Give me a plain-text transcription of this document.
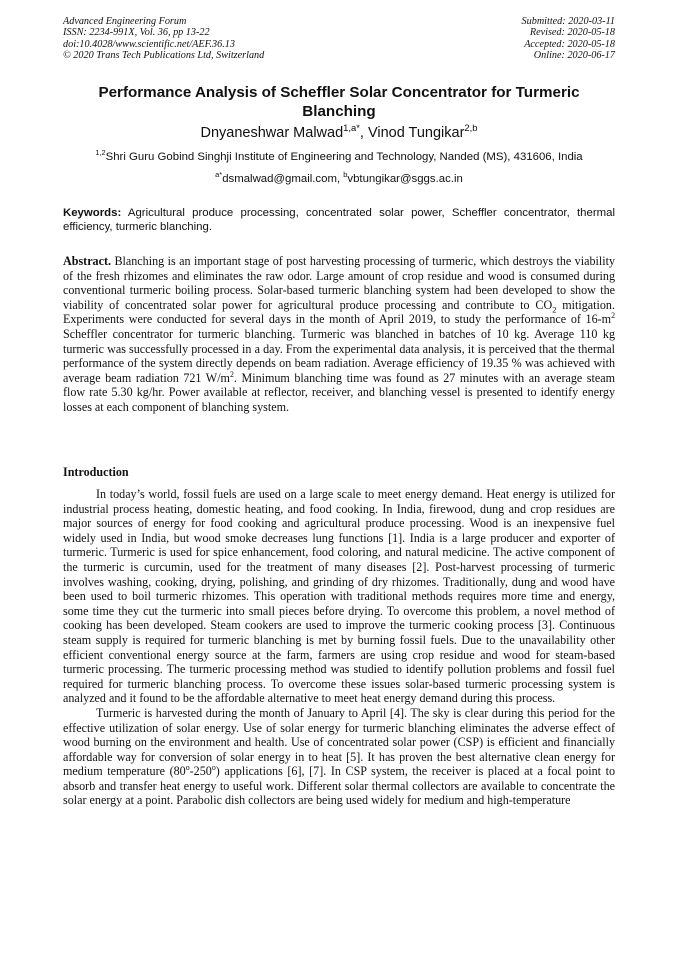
Advanced Engineering Forum
ISSN: 2234-991X, Vol. 36, pp 13-22
doi:10.4028/www.scientific.net/AEF.36.13
© 2020 Trans Tech Publications Ltd, Switzerland
Submitted: 2020-03-11
Revised: 2020-05-18
Accepted: 2020-05-18
Online: 2020-06-17
Performance Analysis of Scheffler Solar Concentrator for Turmeric Blanching
Dnyaneshwar Malwad$^{1,a*}$, Vinod Tungikar$^{2,b}$
$^{1,2}$Shri Guru Gobind Singhji Institute of Engineering and Technology, Nanded (MS), 431606, India
$^{a*}$dsmalwad@gmail.com, $^b$vbtungikar@sggs.ac.in
Keywords: Agricultural produce processing, concentrated solar power, Scheffler concentrator, thermal efficiency, turmeric blanching.
Abstract. Blanching is an important stage of post harvesting processing of turmeric, which destroys the viability of the fresh rhizomes and eliminates the raw odor. Large amount of crop residue and wood is consumed during conventional turmeric boiling process. Solar-based turmeric blanching system had been developed to show the viability of concentrated solar power for agricultural produce processing and contribute to $CO_2$ mitigation. Experiments were conducted for several days in the month of April 2019, to study the performance of $16-m^2$ Scheffler concentrator for turmeric blanching. Turmeric was blanched in batches of 10 kg. Average 110 kg turmeric was successfully processed in a day. From the experimental data analysis, it is perceived that the thermal performance of the system directly depends on beam radiation. Average efficiency of 19.35 % was achieved with average beam radiation 721 $W/m^2$. Minimum blanching time was found as 27 minutes with an average steam flow rate 5.30 kg/hr. Power available at reflector, receiver, and blanching vessel is presented to identify energy losses at each component of blanching system.
Introduction

In today’s world, fossil fuels are used on a large scale to meet energy demand. Heat energy is utilized for industrial process heating, domestic heating, and food cooking. In India, firewood, dung and crop residues are major sources of energy for food cooking and agricultural produce processing. Wood is an inexpensive fuel widely used in India, but wood smoke decreases lung functions [1]. India is a large producer and exporter of turmeric. Turmeric is used for spice enhancement, food coloring, and natural medicine. The active component of the turmeric is curcumin, used for the treatment of many diseases [2]. Post-harvest processing of turmeric involves washing, cooking, drying, polishing, and grinding of dry rhizomes. Traditionally, dung and wood have been used to boil turmeric rhizomes. This operation with traditional methods requires more time and energy, some time they cut the turmeric into small pieces before drying. To overcome this problem, a novel method of cooking has been developed. Steam cookers are used to improve the turmeric cooking process [3]. Continuous steam supply is required for turmeric blanching is met by burning fossil fuels. Due to the unavailability other efficient conventional energy source at the farm, farmers are using crop residue and wood for steam-based turmeric processing. The turmeric processing method was studied to identify pollution problems and fossil fuel required for turmeric blanching process. To overcome these issues solar-based turmeric processing system is analyzed and it found to be the affordable alternative to meet heat energy demand during this process.

Turmeric is harvested during the month of January to April [4]. The sky is clear during this period for the effective utilization of solar energy. Use of solar energy for turmeric blanching eliminates the adverse effect of wood burning on the environment and health. Use of concentrated solar power (CSP) is efficient and financially affordable way for conversion of solar energy in to heat [5]. It has proven the best alternative clean energy for medium temperature (80$^o$-250$^o$) applications [6], [7]. In CSP system, the receiver is placed at a focal point to absorb and transfer heat energy to useful work. Different solar thermal collectors are available to concentrate the solar energy at a point. Parabolic dish collectors are being used widely for medium and high-temperature
